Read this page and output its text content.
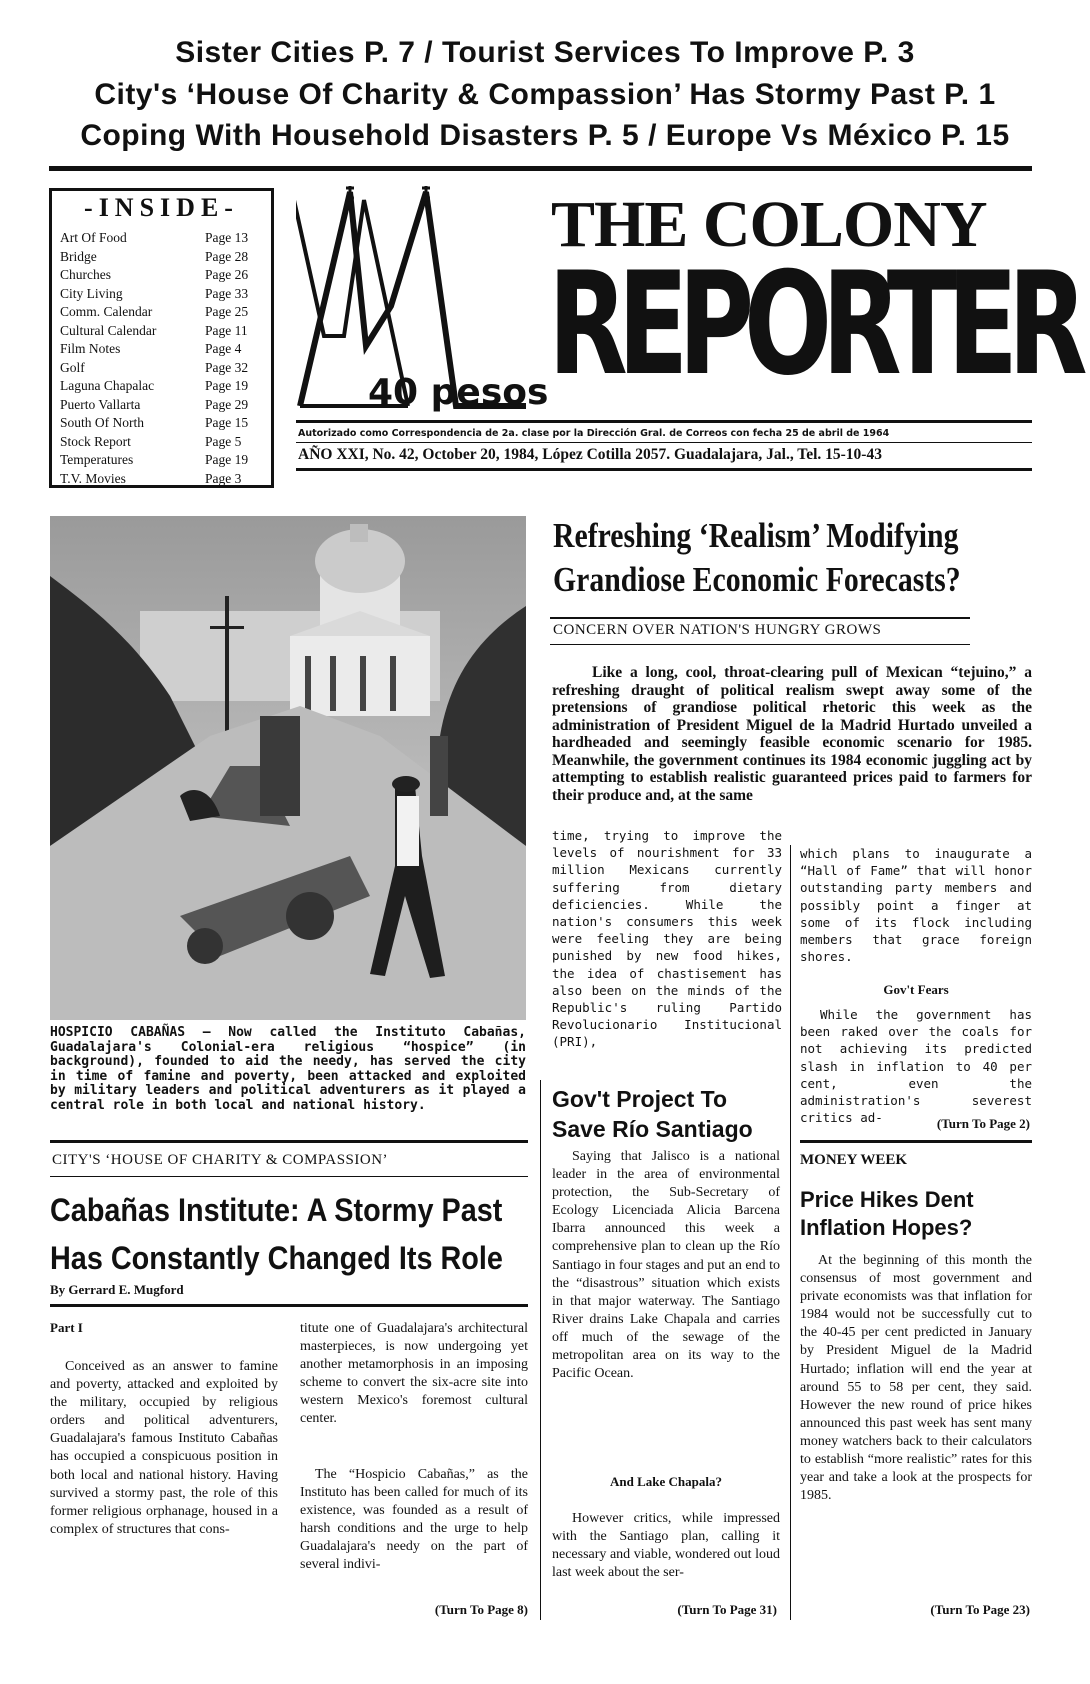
Sister Cities P. 7 / Tourist Services To Improve P. 3
City's ‘House Of Charity & Compassion’ Has Stormy Past P. 1
Coping With Household Disasters P. 5 / Europe Vs México P. 15
-INSIDE-
Art Of Food	Page 13
Bridge	Page 28
Churches	Page 26
City Living	Page 33
Comm. Calendar	Page 25
Cultural Calendar	Page 11
Film Notes	Page 4
Golf	Page 32
Laguna Chapalac	Page 19
Puerto Vallarta	Page 29
South Of North	Page 15
Stock Report	Page 5
Temperatures	Page 19
T.V. Movies	Page 3
40 pesos
THE COLONY
REPORTER
Autorizado como Correspondencia de 2a. clase por la Dirección Gral. de Correos con fecha 25 de abril de 1964
AÑO XXI, No. 42, October 20, 1984, López Cotilla 2057. Guadalajara, Jal., Tel. 15-10-43
HOSPICIO CABAÑAS — Now called the Instituto Cabañas, Guadalajara's Colonial-era religious “hospice” (in background), founded to aid the needy, has served the city in time of famine and poverty, been attacked and exploited by military leaders and political adventurers as it played a central role in both local and national history.
Refreshing ‘Realism’ Modifying
Grandiose Economic Forecasts?
CONCERN OVER NATION'S HUNGRY GROWS
Like a long, cool, throat-clearing pull of Mexican “tejuino,” a refreshing draught of political realism swept away some of the pretensions of grandiose political rhetoric this week as the administration of President Miguel de la Madrid Hurtado unveiled a hardheaded and seemingly feasible economic scenario for 1985. Meanwhile, the government continues its 1984 economic juggling act by attempting to establish realistic guaranteed prices paid to farmers for their produce and, at the same
time, trying to improve the levels of nourishment for 33 million Mexicans currently suffering from dietary deficiencies. While the nation's consumers this week were feeling they are being punished by new food hikes, the idea of chastisement has also been on the minds of the Republic's ruling Partido Revolucionario Institucional (PRI),
which plans to inaugurate a “Hall of Fame” that will honor outstanding party members and possibly point a finger at some of its flock including members that grace foreign shores.
Gov't Fears
While the government has been raked over the coals for not achieving its predicted slash in inflation to 40 per cent, even the administration's severest critics ad-	(Turn To Page 2)
CITY'S ‘HOUSE OF CHARITY & COMPASSION’
Cabañas Institute: A Stormy Past
Has Constantly Changed Its Role
By Gerrard E. Mugford
Part I
Conceived as an answer to famine and poverty, attacked and exploited by the military, occupied by religious orders and political adventurers, Guadalajara's famous Instituto Cabañas has occupied a conspicuous position in both local and national history. Having survived a stormy past, the role of this former religious orphanage, housed in a complex of structures that cons-
titute one of Guadalajara's architectural masterpieces, is now undergoing yet another metamorphosis in an imposing scheme to convert the six-acre site into western Mexico's foremost cultural center.
The “Hospicio Cabañas,” as the Instituto has been called for much of its existence, was founded as a result of harsh conditions and the urge to help Guadalajara's needy on the part of several indivi-
(Turn To Page 8)
Gov't Project To
Save Río Santiago
Saying that Jalisco is a national leader in the area of environmental protection, the Sub-Secretary of Ecology Licenciada Alicia Barcena Ibarra announced this week a comprehensive plan to clean up the Río Santiago in four stages and put an end to the “disastrous” situation which exists in that major waterway. The Santiago River drains Lake Chapala and carries off much of the sewage of the metropolitan area on its way to the Pacific Ocean.
And Lake Chapala?
However critics, while impressed with the Santiago plan, calling it necessary and viable, wondered out loud last week about the ser-
(Turn To Page 31)
MONEY WEEK
Price Hikes Dent
Inflation Hopes?
At the beginning of this month the consensus of most government and private economists was that inflation for 1984 would not be successfully cut to the 40-45 per cent predicted in January by President Miguel de la Madrid Hurtado; inflation will end the year at around 55 to 58 per cent, they said. However the new round of price hikes announced this past week has sent many money watchers back to their calculators to establish “more realistic” rates for this year and take a look at the prospects for 1985.
(Turn To Page 23)
